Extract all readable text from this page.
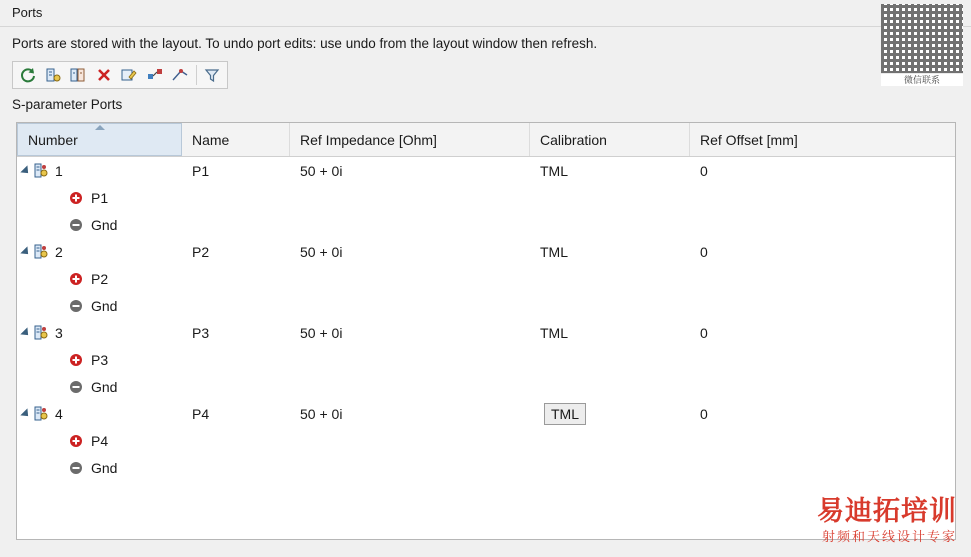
Ports
Ports are stored with the layout. To undo port edits: use undo from the layout window then refresh.
S-parameter Ports
Number	Name	Ref Impedance [Ohm]	Calibration	Ref Offset [mm]
1	P1	50 + 0i	TML	0
P1
Gnd
2	P2	50 + 0i	TML	0
P2
Gnd
3	P3	50 + 0i	TML	0
P3
Gnd
4	P4	50 + 0i	TML	0
P4
Gnd
微信联系
易迪拓培训
射频和天线设计专家
